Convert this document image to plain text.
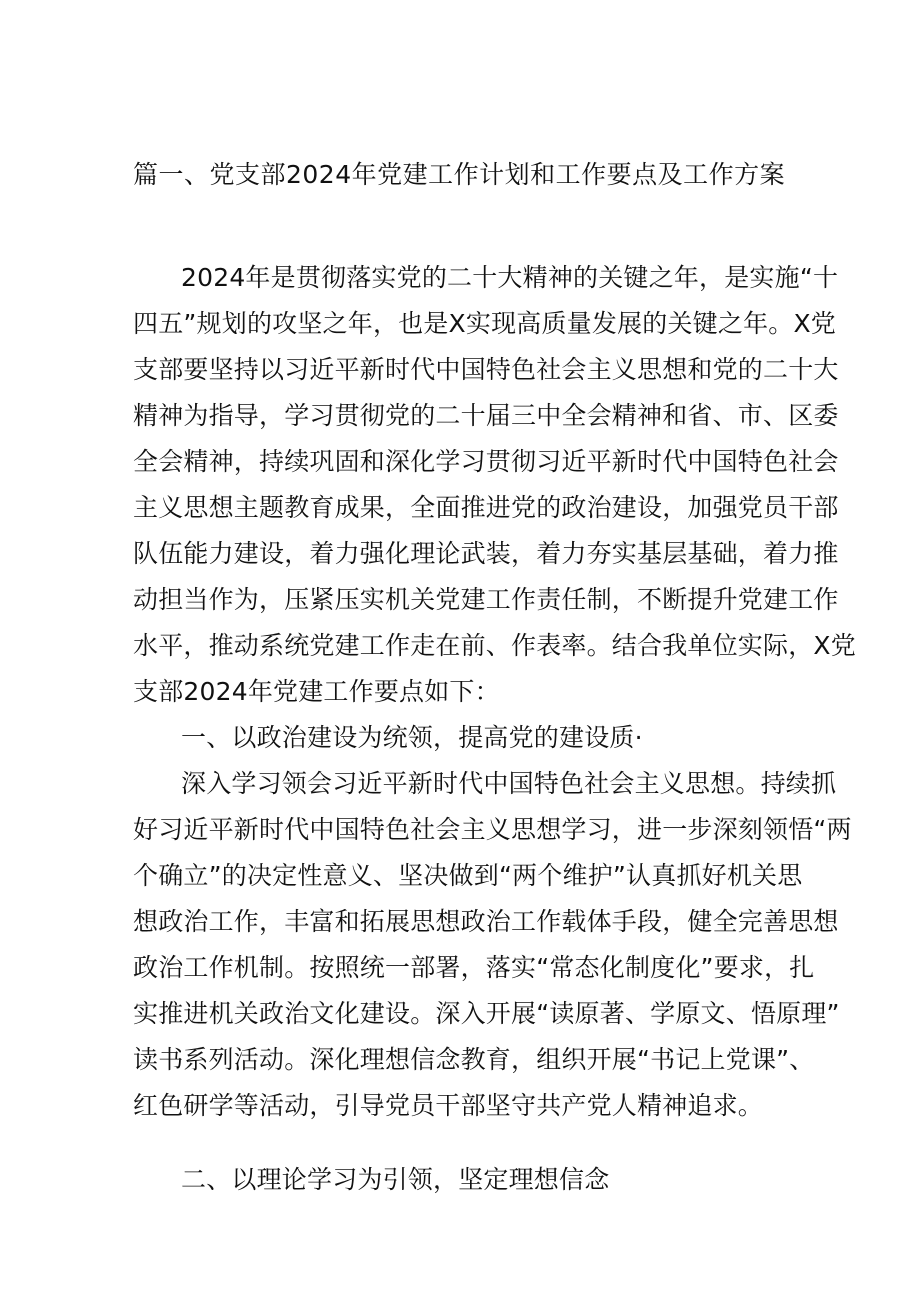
篇一、党支部2024年党建工作计划和工作要点及工作方案
2024年是贯彻落实党的二十大精神的关键之年，是实施“十
四五”规划的攻坚之年，也是X实现高质量发展的关键之年。X党
支部要坚持以习近平新时代中国特色社会主义思想和党的二十大
精神为指导，学习贯彻党的二十届三中全会精神和省、市、区委
全会精神，持续巩固和深化学习贯彻习近平新时代中国特色社会
主义思想主题教育成果，全面推进党的政治建设，加强党员干部
队伍能力建设，着力强化理论武装，着力夯实基层基础，着力推
动担当作为，压紧压实机关党建工作责任制，不断提升党建工作
水平，推动系统党建工作走在前、作表率。结合我单位实际，X党
支部2024年党建工作要点如下：
一、以政治建设为统领，提高党的建设质·
深入学习领会习近平新时代中国特色社会主义思想。持续抓
好习近平新时代中国特色社会主义思想学习，进一步深刻领悟“两
个确立”的决定性意义、坚决做到“两个维护”认真抓好机关思
想政治工作，丰富和拓展思想政治工作载体手段，健全完善思想
政治工作机制。按照统一部署，落实“常态化制度化”要求，扎
实推进机关政治文化建设。深入开展“读原著、学原文、悟原理”
读书系列活动。深化理想信念教育，组织开展“书记上党课”、
红色研学等活动，引导党员干部坚守共产党人精神追求。
二、以理论学习为引领，坚定理想信念
